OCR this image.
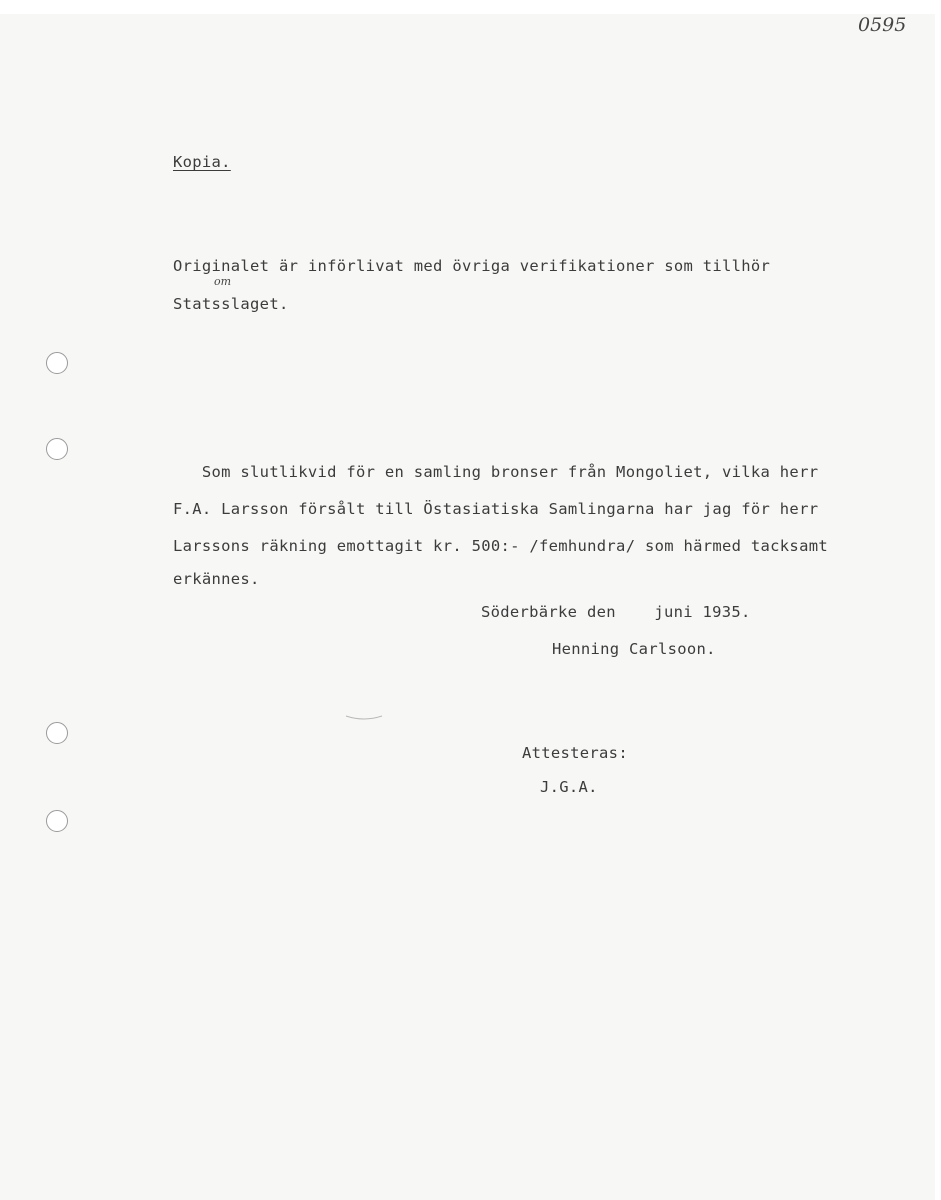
0595
Kopia.
Originalet är införlivat med övriga verifikationer som tillhör
om
Statsslaget.
Som slutlikvid för en samling bronser från Mongoliet, vilka herr
F.A. Larsson försålt till Östasiatiska Samlingarna har jag för herr
Larssons räkning emottagit kr. 500:- /femhundra/ som härmed tacksamt
erkännes.
Söderbärke den    juni 1935.
Henning Carlsoon.
Attesteras:
J.G.A.
